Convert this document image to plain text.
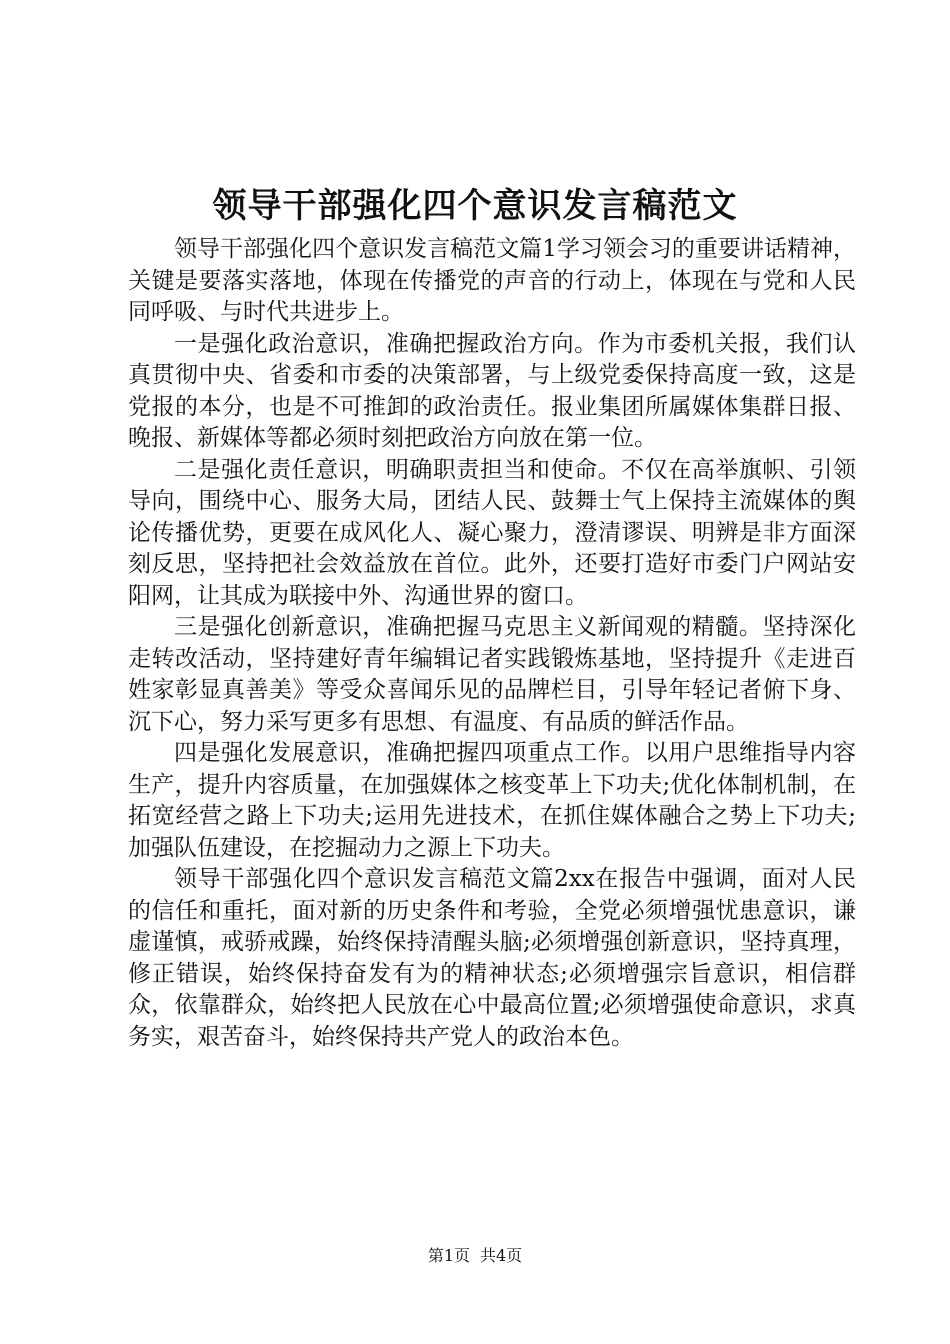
领导干部强化四个意识发言稿范文

领导干部强化四个意识发言稿范文篇1学习领会习的重要讲话精神，关键是要落实落地，体现在传播党的声音的行动上，体现在与党和人民同呼吸、与时代共进步上。

一是强化政治意识，准确把握政治方向。作为市委机关报，我们认真贯彻中央、省委和市委的决策部署，与上级党委保持高度一致，这是党报的本分，也是不可推卸的政治责任。报业集团所属媒体集群日报、晚报、新媒体等都必须时刻把政治方向放在第一位。

二是强化责任意识，明确职责担当和使命。不仅在高举旗帜、引领导向，围绕中心、服务大局，团结人民、鼓舞士气上保持主流媒体的舆论传播优势，更要在成风化人、凝心聚力，澄清谬误、明辨是非方面深刻反思，坚持把社会效益放在首位。此外，还要打造好市委门户网站安阳网，让其成为联接中外、沟通世界的窗口。

三是强化创新意识，准确把握马克思主义新闻观的精髓。坚持深化走转改活动，坚持建好青年编辑记者实践锻炼基地，坚持提升《走进百姓家彰显真善美》等受众喜闻乐见的品牌栏目，引导年轻记者俯下身、沉下心，努力采写更多有思想、有温度、有品质的鲜活作品。

四是强化发展意识，准确把握四项重点工作。以用户思维指导内容生产，提升内容质量，在加强媒体之核变革上下功夫;优化体制机制，在拓宽经营之路上下功夫;运用先进技术，在抓住媒体融合之势上下功夫;加强队伍建设，在挖掘动力之源上下功夫。

领导干部强化四个意识发言稿范文篇2xx在报告中强调，面对人民的信任和重托，面对新的历史条件和考验，全党必须增强忧患意识，谦虚谨慎，戒骄戒躁，始终保持清醒头脑;必须增强创新意识，坚持真理，修正错误，始终保持奋发有为的精神状态;必须增强宗旨意识，相信群众，依靠群众，始终把人民放在心中最高位置;必须增强使命意识，求真务实，艰苦奋斗，始终保持共产党人的政治本色。

第1页 共4页
